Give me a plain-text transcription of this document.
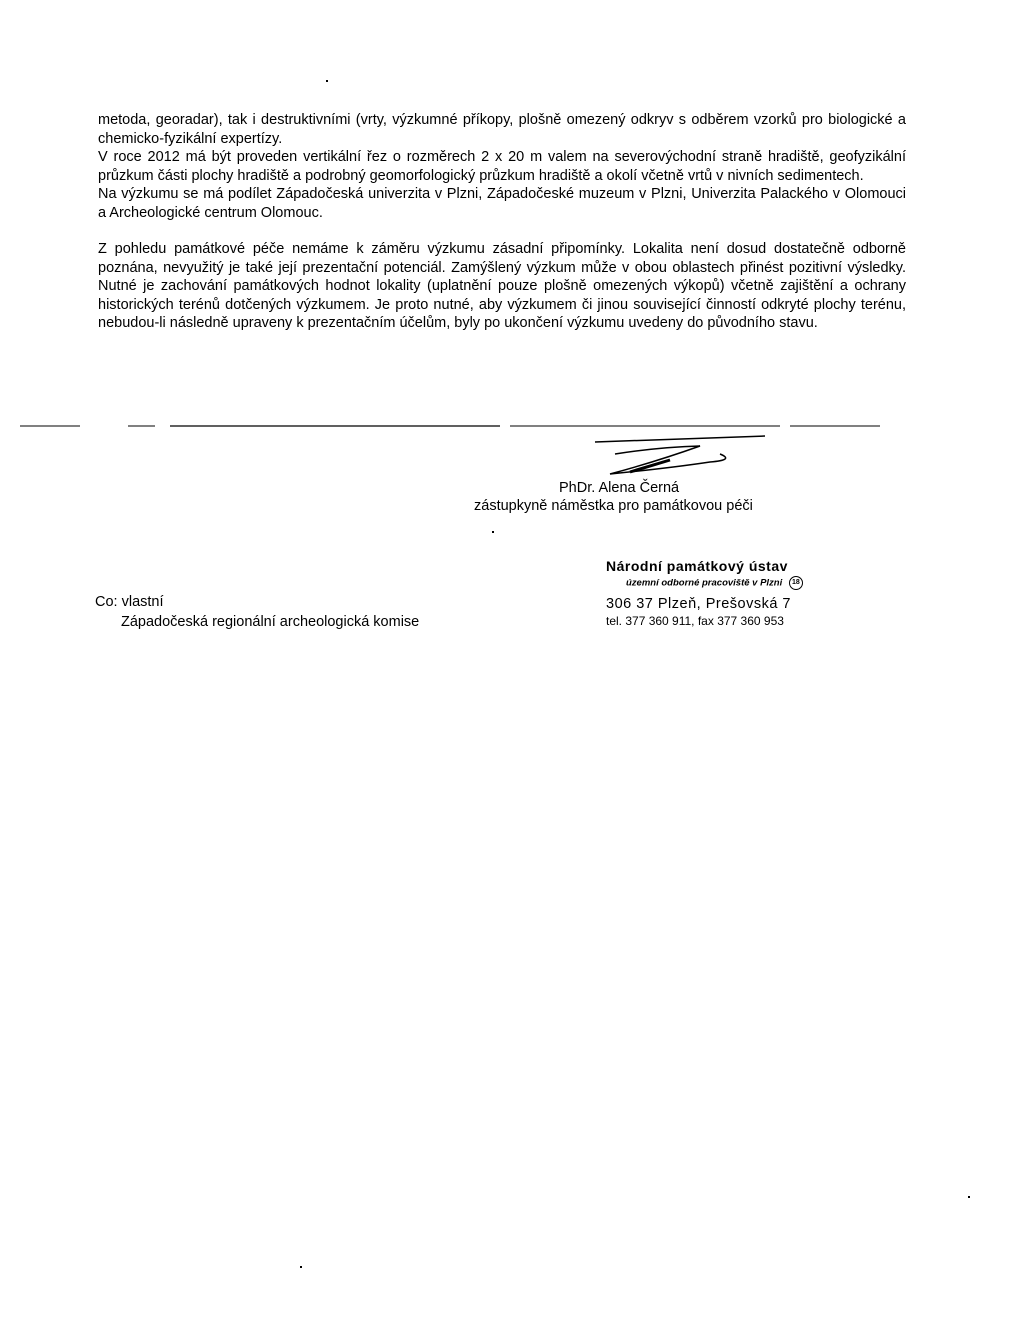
metoda, georadar), tak i destruktivními (vrty, výzkumné příkopy, plošně omezený odkryv s odběrem vzorků pro biologické a chemicko-fyzikální expertízy.

V roce 2012 má být proveden vertikální řez o rozměrech 2 x 20 m valem na severovýchodní straně hradiště, geofyzikální průzkum části plochy hradiště a podrobný geomorfologický průzkum hradiště a okolí včetně vrtů v nivních sedimentech.

Na výzkumu se má podílet Západočeská univerzita v Plzni, Západočeské muzeum v Plzni, Univerzita Palackého v Olomouci a Archeologické centrum Olomouc.

Z pohledu památkové péče nemáme k záměru výzkumu zásadní připomínky. Lokalita není dosud dostatečně odborně poznána, nevyužitý je také její prezentační potenciál. Zamýšlený výzkum může v obou oblastech přinést pozitivní výsledky. Nutné je zachování památkových hodnot lokality (uplatnění pouze plošně omezených výkopů) včetně zajištění a ochrany historických terénů dotčených výzkumem. Je proto nutné, aby výzkumem či jinou související činností odkryté plochy terénu, nebudou-li následně upraveny k prezentačním účelům, byly po ukončení výzkumu uvedeny do původního stavu.

PhDr. Alena Černá
zástupkyně náměstka pro památkovou péči
Co: vlastní
Západočeská regionální archeologická komise
Národní památkový ústav
územní odborné pracoviště v Plzni 18
306 37 Plzeň, Prešovská 7
tel. 377 360 911, fax 377 360 953
